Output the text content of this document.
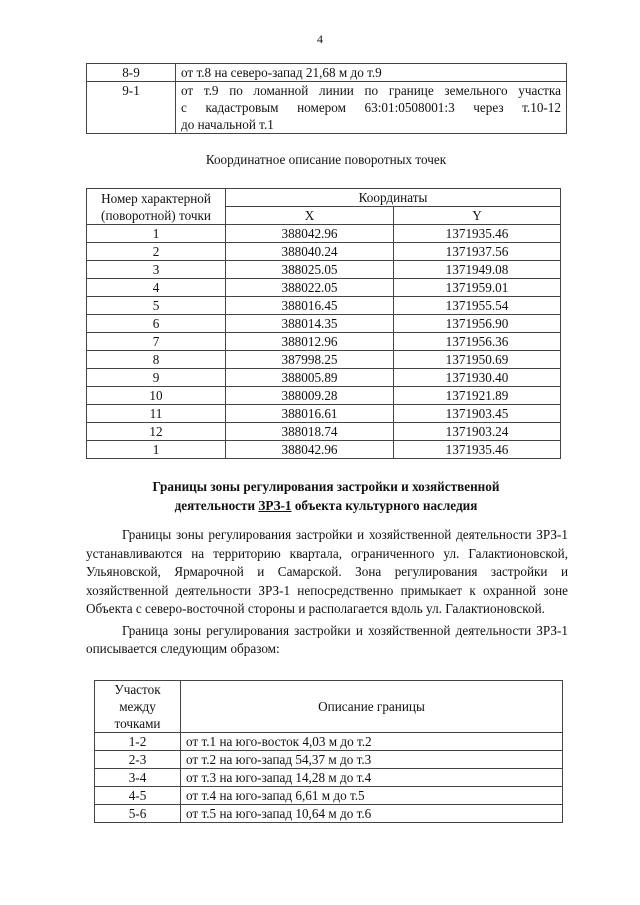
4
8-9	от т.8 на северо-запад 21,68 м до т.9
9-1	от т.9 по ломанной линии по границе земельного участка
с кадастровым номером 63:01:0508001:3 через т.10-12
до начальной т.1
Координатное описание поворотных точек
Номер характерной
(поворотной) точки	Координаты	
	X	Y
1	388042.96	1371935.46
2	388040.24	1371937.56
3	388025.05	1371949.08
4	388022.05	1371959.01
5	388016.45	1371955.54
6	388014.35	1371956.90
7	388012.96	1371956.36
8	387998.25	1371950.69
9	388005.89	1371930.40
10	388009.28	1371921.89
11	388016.61	1371903.45
12	388018.74	1371903.24
1	388042.96	1371935.46
Границы зоны регулирования застройки и хозяйственной
деятельности ЗРЗ-1 объекта культурного наследия

Границы зоны регулирования застройки и хозяйственной деятельности ЗРЗ-1 устанавливаются на территорию квартала, ограниченного ул. Галактионовской, Ульяновской, Ярмарочной и Самарской. Зона регулирования застройки и хозяйственной деятельности ЗРЗ-1 непосредственно примыкает к охранной зоне Объекта с северо-восточной стороны и располагается вдоль ул. Галактионовской.

Граница зоны регулирования застройки и хозяйственной деятельности ЗРЗ-1 описывается следующим образом:

Участок
между
точками	Описание границы
1-2	от т.1 на юго-восток 4,03 м до т.2
2-3	от т.2 на юго-запад 54,37 м до т.3
3-4	от т.3 на юго-запад 14,28 м до т.4
4-5	от т.4 на юго-запад 6,61 м до т.5
5-6	от т.5 на юго-запад 10,64 м до т.6
